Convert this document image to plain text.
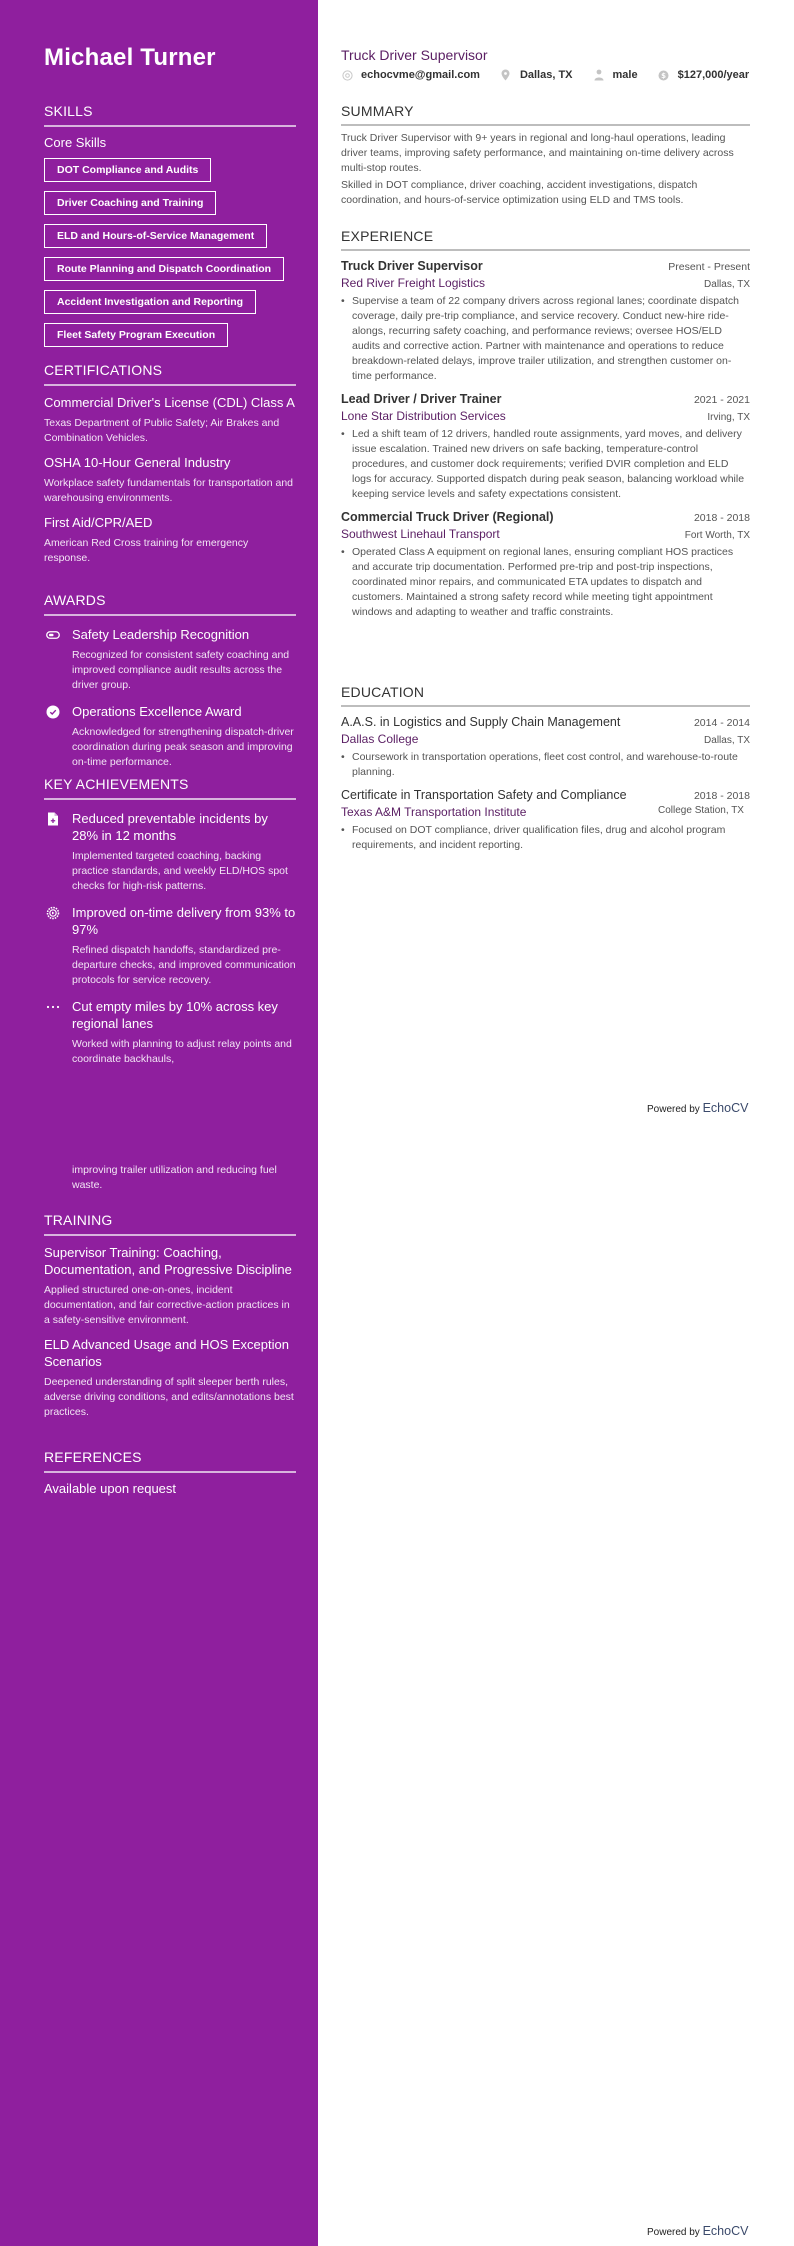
Michael Turner
SKILLS
Core Skills
DOT Compliance and Audits
Driver Coaching and Training
ELD and Hours-of-Service Management
Route Planning and Dispatch Coordination
Accident Investigation and Reporting
Fleet Safety Program Execution
CERTIFICATIONS
Commercial Driver's License (CDL) Class A
Texas Department of Public Safety; Air Brakes and Combination Vehicles.
OSHA 10-Hour General Industry
Workplace safety fundamentals for transportation and warehousing environments.
First Aid/CPR/AED
American Red Cross training for emergency response.
AWARDS
Safety Leadership Recognition
Recognized for consistent safety coaching and improved compliance audit results across the driver group.
Operations Excellence Award
Acknowledged for strengthening dispatch-driver coordination during peak season and improving on-time performance.
KEY ACHIEVEMENTS
Reduced preventable incidents by 28% in 12 months
Implemented targeted coaching, backing practice standards, and weekly ELD/HOS spot checks for high-risk patterns.
Improved on-time delivery from 93% to 97%
Refined dispatch handoffs, standardized pre-departure checks, and improved communication protocols for service recovery.
Cut empty miles by 10% across key regional lanes
Worked with planning to adjust relay points and coordinate backhauls,
improving trailer utilization and reducing fuel waste.
TRAINING
Supervisor Training: Coaching, Documentation, and Progressive Discipline
Applied structured one-on-ones, incident documentation, and fair corrective-action practices in a safety-sensitive environment.
ELD Advanced Usage and HOS Exception Scenarios
Deepened understanding of split sleeper berth rules, adverse driving conditions, and edits/annotations best practices.
REFERENCES
Available upon request
Truck Driver Supervisor
echocvme@gmail.com	Dallas, TX	male	$ $127,000/year
SUMMARY

Truck Driver Supervisor with 9+ years in regional and long-haul operations, leading driver teams, improving safety performance, and maintaining on-time delivery across multi-stop routes.

Skilled in DOT compliance, driver coaching, accident investigations, dispatch coordination, and hours-of-service optimization using ELD and TMS tools.

EXPERIENCE
Truck Driver Supervisor	Present - Present
Red River Freight Logistics	Dallas, TX
• Supervise a team of 22 company drivers across regional lanes; coordinate dispatch coverage, daily pre-trip compliance, and service recovery. Conduct new-hire ride-alongs, recurring safety coaching, and performance reviews; oversee HOS/ELD audits and corrective action. Partner with maintenance and operations to reduce breakdown-related delays, improve trailer utilization, and strengthen customer on-time performance.
Lead Driver / Driver Trainer	2021 - 2021
Lone Star Distribution Services	Irving, TX
• Led a shift team of 12 drivers, handled route assignments, yard moves, and delivery issue escalation. Trained new drivers on safe backing, temperature-control procedures, and customer dock requirements; verified DVIR completion and ELD logs for accuracy. Supported dispatch during peak season, balancing workload while keeping service levels and safety expectations consistent.
Commercial Truck Driver (Regional)	2018 - 2018
Southwest Linehaul Transport	Fort Worth, TX
• Operated Class A equipment on regional lanes, ensuring compliant HOS practices and accurate trip documentation. Performed pre-trip and post-trip inspections, coordinated minor repairs, and communicated ETA updates to dispatch and customers. Maintained a strong safety record while meeting tight appointment windows and adapting to weather and traffic constraints.
EDUCATION
A.A.S. in Logistics and Supply Chain Management	2014 - 2014
Dallas College	Dallas, TX
• Coursework in transportation operations, fleet cost control, and warehouse-to-route planning.
Certificate in Transportation Safety and Compliance	2018 - 2018
Texas A&M Transportation Institute	College Station, TX
• Focused on DOT compliance, driver qualification files, drug and alcohol program requirements, and incident reporting.
Powered by EchoCV
Powered by EchoCV
